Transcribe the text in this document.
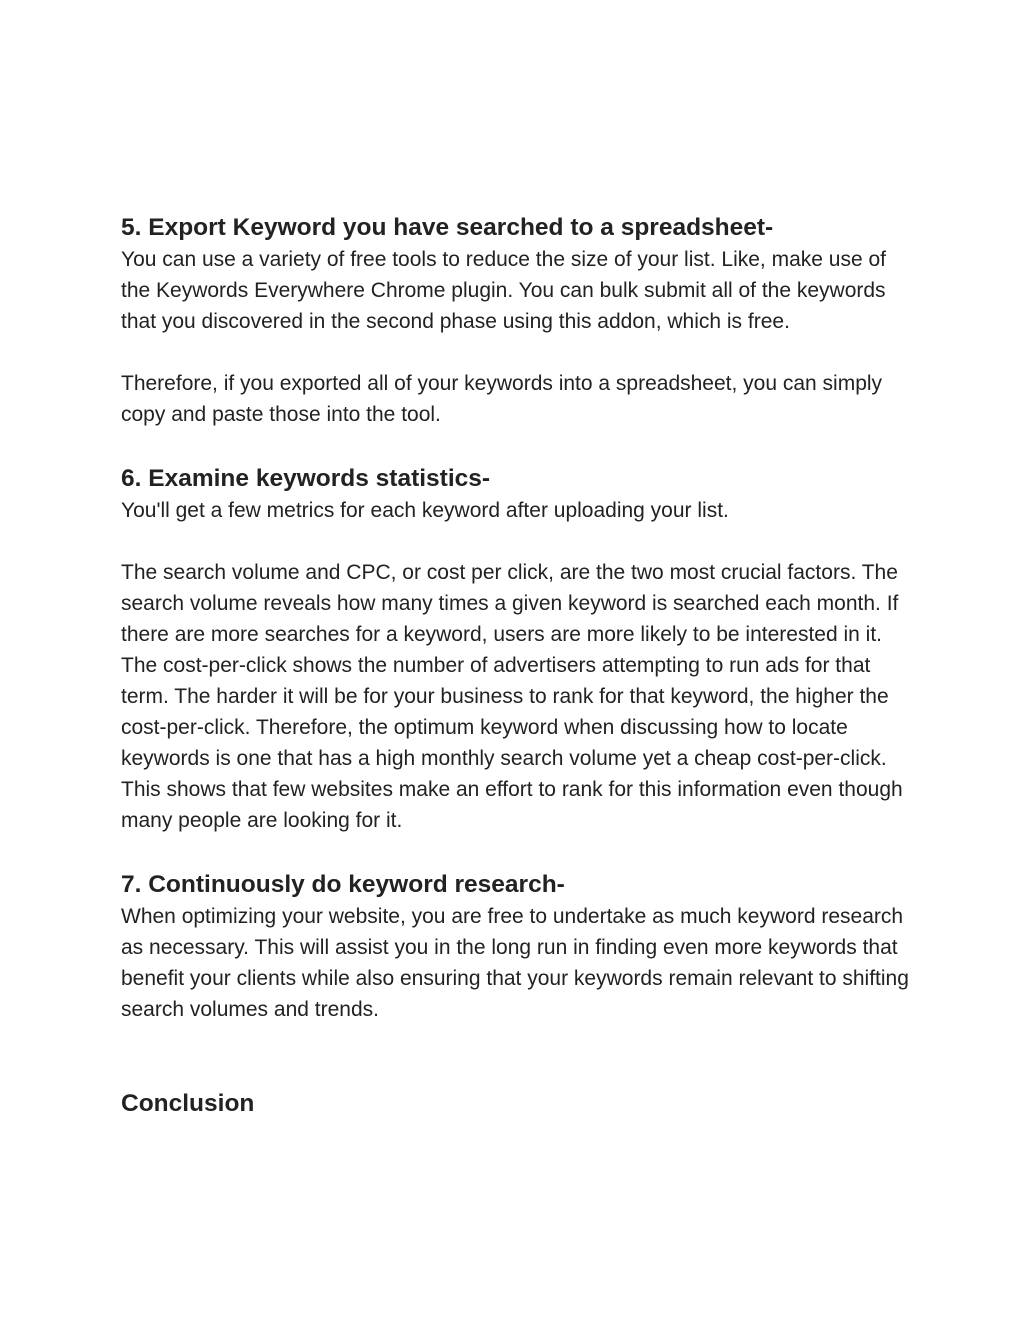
5. Export Keyword you have searched to a spreadsheet-

You can use a variety of free tools to reduce the size of your list. Like, make use of the Keywords Everywhere Chrome plugin. You can bulk submit all of the keywords that you discovered in the second phase using this addon, which is free.

Therefore, if you exported all of your keywords into a spreadsheet, you can simply copy and paste those into the tool.

6. Examine keywords statistics-

You'll get a few metrics for each keyword after uploading your list.

The search volume and CPC, or cost per click, are the two most crucial factors. The search volume reveals how many times a given keyword is searched each month. If there are more searches for a keyword, users are more likely to be interested in it. The cost-per-click shows the number of advertisers attempting to run ads for that term. The harder it will be for your business to rank for that keyword, the higher the cost-per-click. Therefore, the optimum keyword when discussing how to locate keywords is one that has a high monthly search volume yet a cheap cost-per-click. This shows that few websites make an effort to rank for this information even though many people are looking for it.

7. Continuously do keyword research-

When optimizing your website, you are free to undertake as much keyword research as necessary. This will assist you in the long run in finding even more keywords that benefit your clients while also ensuring that your keywords remain relevant to shifting search volumes and trends.

Conclusion
